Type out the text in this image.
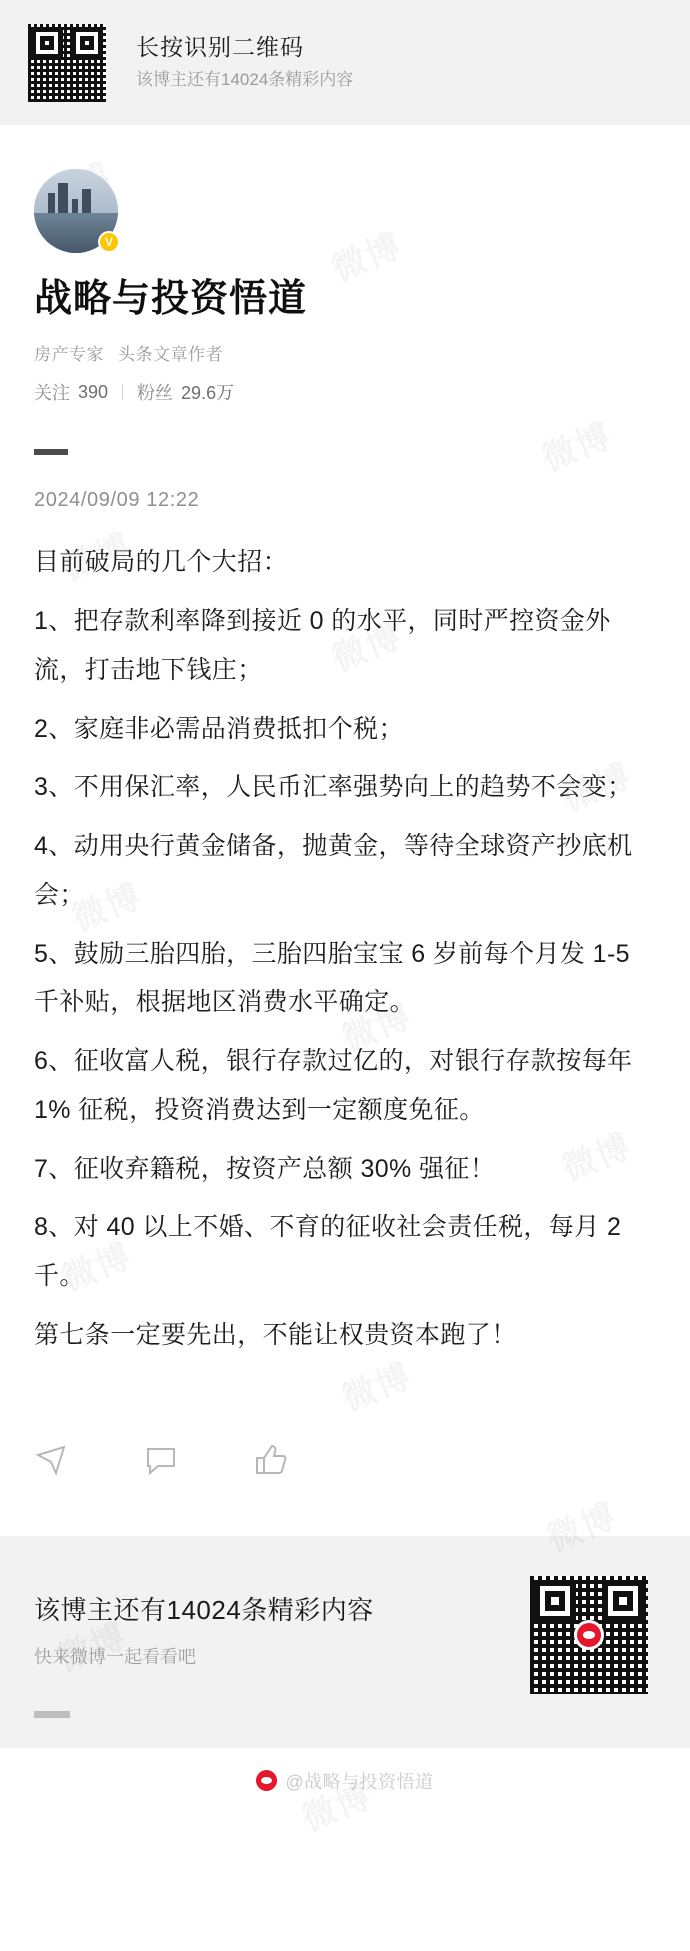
长按识别二维码
该博主还有14024条精彩内容
V
战略与投资悟道
房产专家 头条文章作者
关注 390 粉丝 29.6万
2024/09/09 12:22

目前破局的几个大招：

1、把存款利率降到接近 0 的水平，同时严控资金外流，打击地下钱庄；

2、家庭非必需品消费抵扣个税；

3、不用保汇率，人民币汇率强势向上的趋势不会变；

4、动用央行黄金储备，抛黄金，等待全球资产抄底机会；

5、鼓励三胎四胎，三胎四胎宝宝 6 岁前每个月发 1-5 千补贴，根据地区消费水平确定。

6、征收富人税，银行存款过亿的，对银行存款按每年 1% 征税，投资消费达到一定额度免征。

7、征收弃籍税，按资产总额 30% 强征！

8、对 40 以上不婚、不育的征收社会责任税，每月 2 千。

第七条一定要先出，不能让权贵资本跑了！

该博主还有14024条精彩内容
快来微博一起看看吧
@战略与投资悟道
